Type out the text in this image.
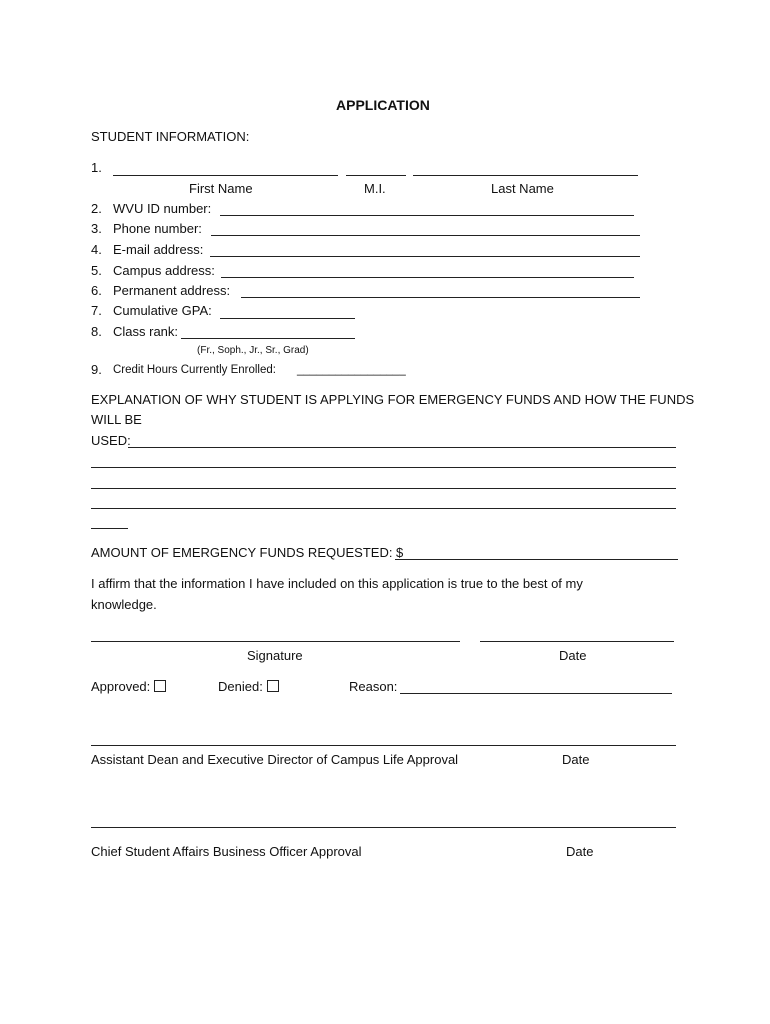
APPLICATION
STUDENT INFORMATION:
1.
First Name	M.I.	Last Name
2. WVU ID number:
3. Phone number:
4. E-mail address:
5. Campus address:
6. Permanent address:
7. Cumulative GPA:
8. Class rank:
(Fr., Soph., Jr., Sr., Grad)
9. Credit Hours Currently Enrolled: _________________
EXPLANATION OF WHY STUDENT IS APPLYING FOR EMERGENCY FUNDS AND HOW THE FUNDS
WILL BE
USED:
AMOUNT OF EMERGENCY FUNDS REQUESTED: $
I affirm that the information I have included on this application is true to the best of my
knowledge.
Signature	Date
Approved:	Denied:	Reason:
Assistant Dean and Executive Director of Campus Life Approval	Date
Chief Student Affairs Business Officer Approval	Date
